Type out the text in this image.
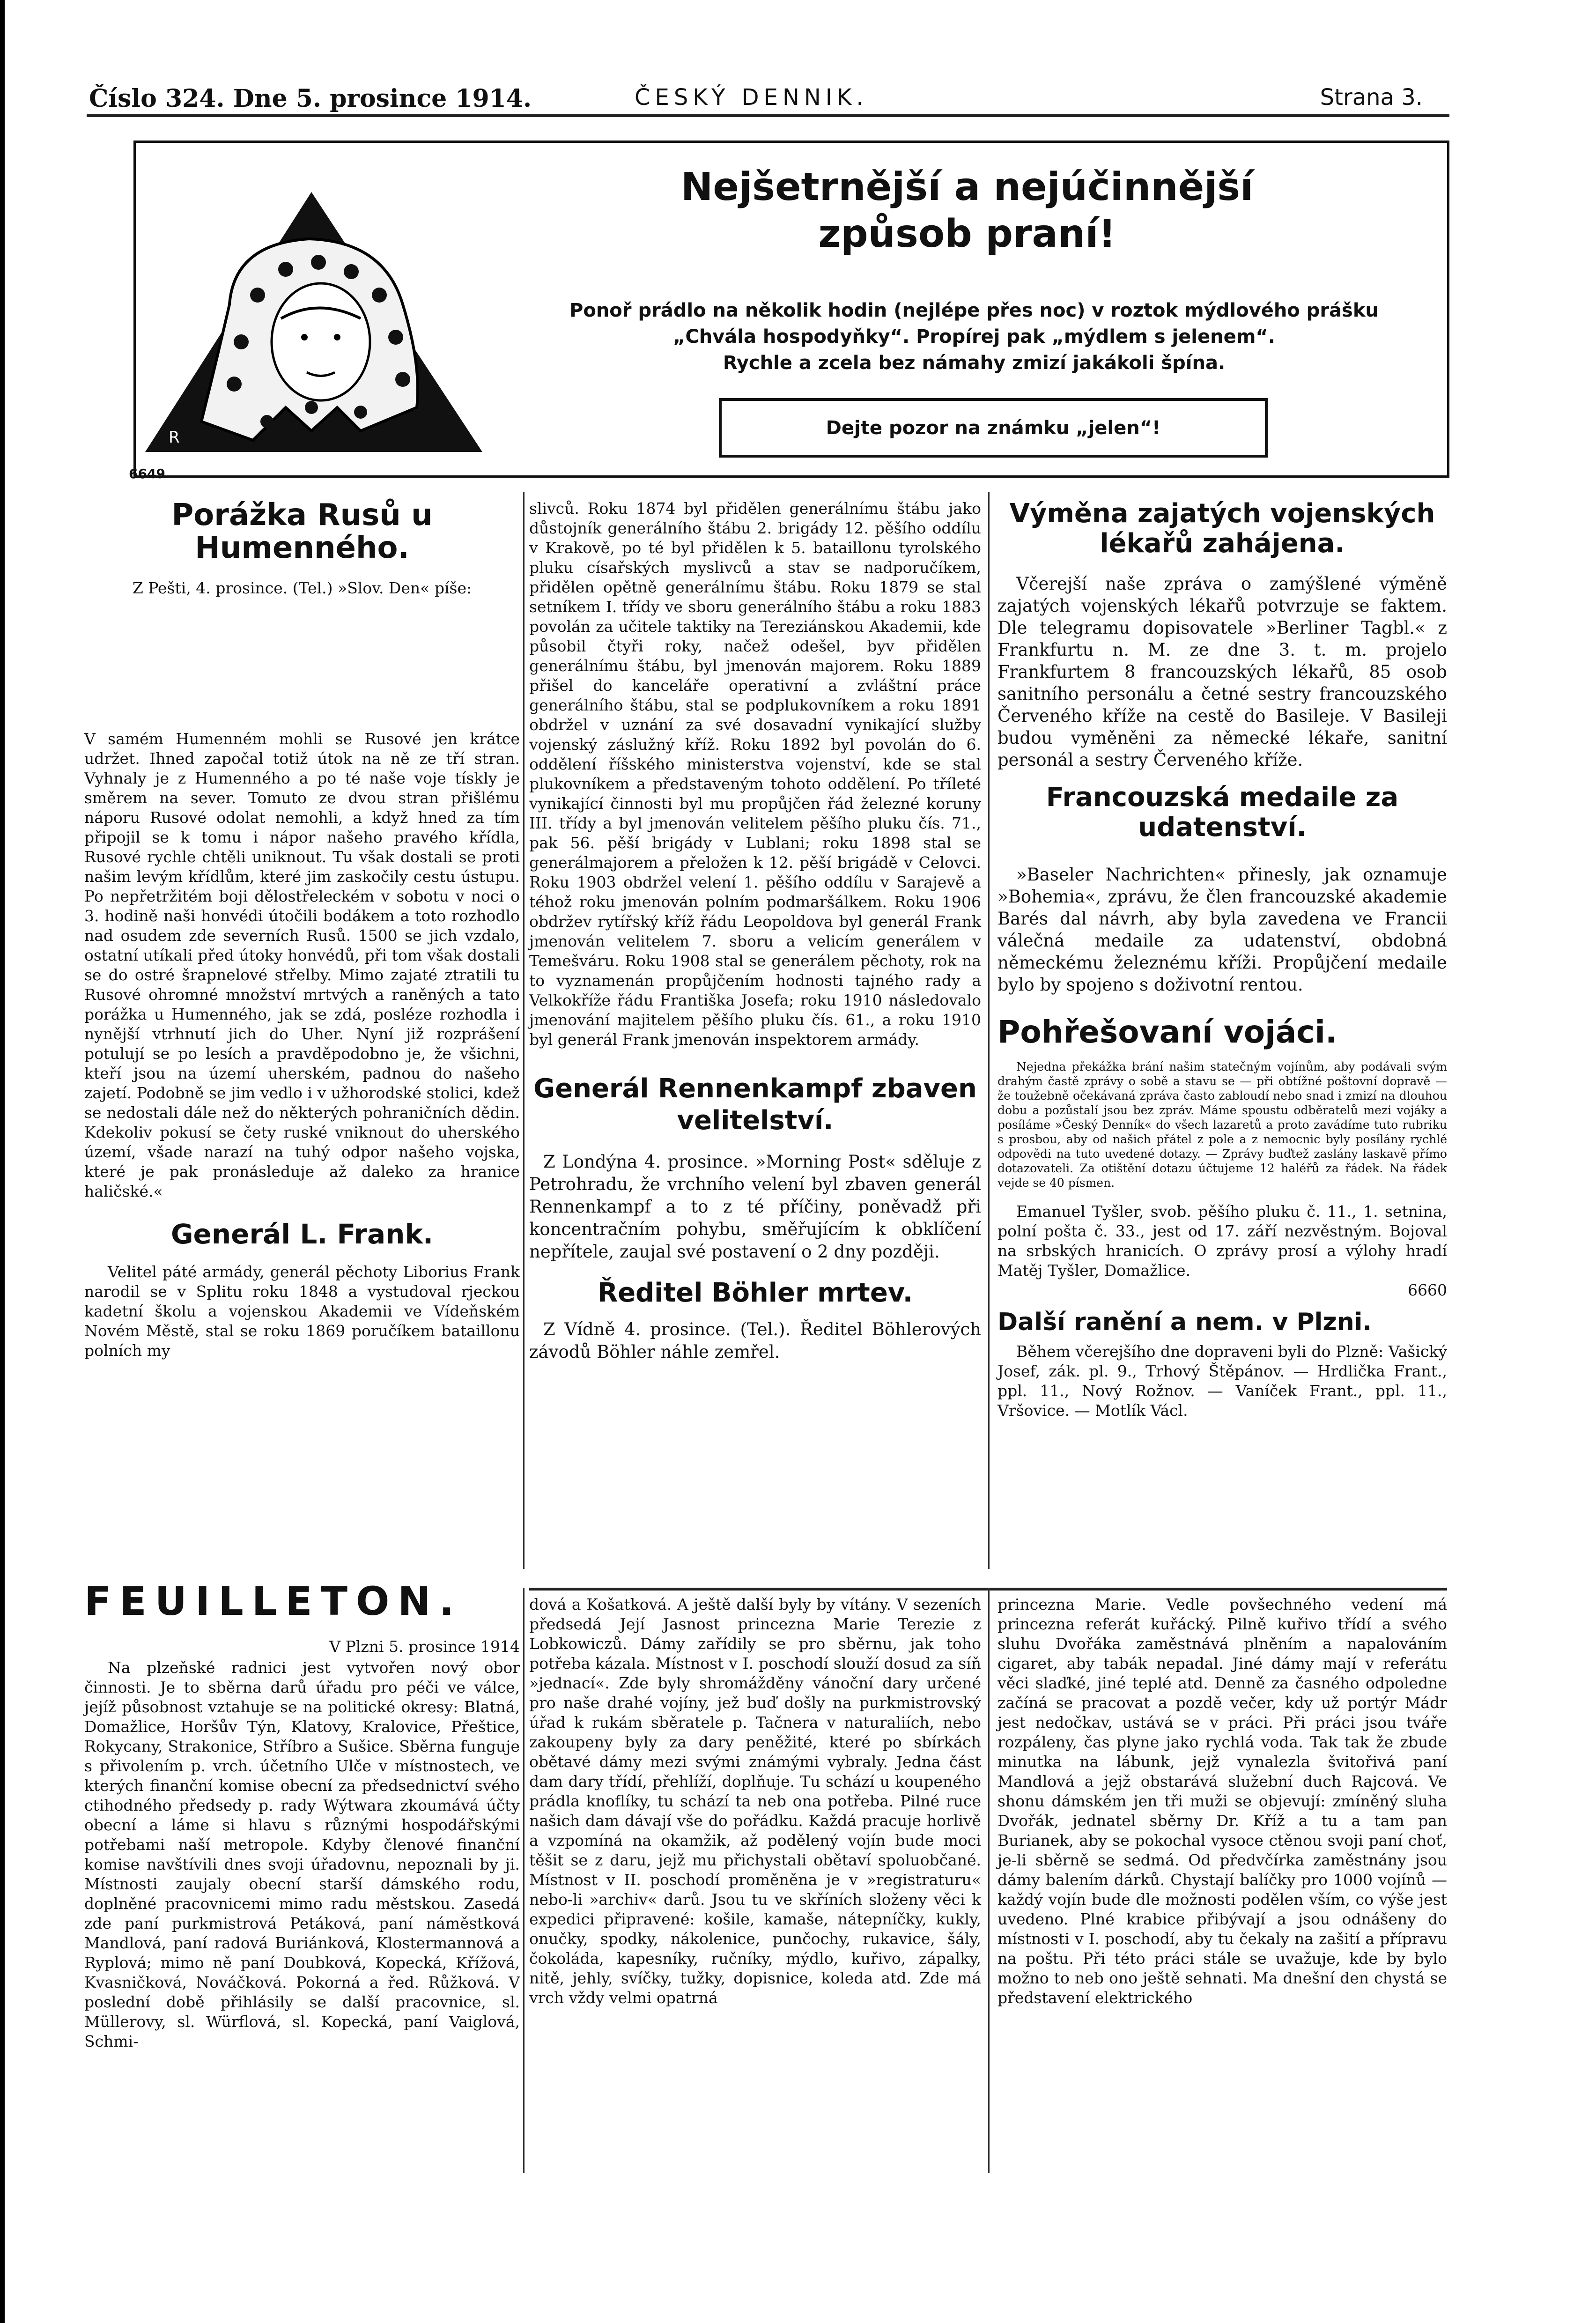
Číslo 324. Dne 5. prosince 1914.	ČESKÝ DENNIK.	Strana 3.
R
Nejšetrnější a nejúčinnější způsob praní!
Ponoř prádlo na několik hodin (nejlépe přes noc) v roztok mýdlového prášku „Chvála hospodyňky“. Propírej pak „mýdlem s jelenem“.
Rychle a zcela bez námahy zmizí jakákoli špína.
Dejte pozor na známku „jelen“!
6649
Porážka Rusů u Humenného.

Z Pešti, 4. prosince. (Tel.) »Slov. Den« píše:

V samém Humenném mohli se Rusové jen krátce udržet. Ihned započal totiž útok na ně ze tří stran. Vyhnaly je z Humenného a po té naše voje tískly je směrem na sever. Tomuto ze dvou stran přišlému náporu Rusové odolat nemohli, a když hned za tím připojil se k tomu i nápor našeho pravého křídla, Rusové rychle chtěli uniknout. Tu však dostali se proti našim levým křídlům, které jim zaskočily cestu ústupu. Po nepřetržitém boji dělostřeleckém v sobotu v noci o 3. hodině naši honvédi útočili bodákem a toto rozhodlo nad osudem zde severních Rusů. 1500 se jich vzdalo, ostatní utíkali před útoky honvédů, při tom však dostali se do ostré šrapnelové střelby. Mimo zajaté ztratili tu Rusové ohromné množství mrtvých a raněných a tato porážka u Humenného, jak se zdá, posléze rozhodla i nynější vtrhnutí jich do Uher. Nyní již rozprášení potulují se po lesích a pravděpodobno je, že všichni, kteří jsou na území uherském, padnou do našeho zajetí. Podobně se jim vedlo i v užhorodské stolici, kdež se nedostali dále než do některých pohraničních dědin. Kdekoliv pokusí se čety ruské vniknout do uherského území, všade narazí na tuhý odpor našeho vojska, které je pak pronásleduje až daleko za hranice haličské.«

Generál L. Frank.

Velitel páté armády, generál pěchoty Liborius Frank narodil se v Splitu roku 1848 a vystudoval rjeckou kadetní školu a vojenskou Akademii ve Vídeňském Novém Městě, stal se roku 1869 poručíkem bataillonu polních my

slivců. Roku 1874 byl přidělen generálnímu štábu jako důstojník generálního štábu 2. brigády 12. pěšího oddílu v Krakově, po té byl přidělen k 5. bataillonu tyrolského pluku císařských myslivců a stav se nadporučíkem, přidělen opětně generálnímu štábu. Roku 1879 se stal setníkem I. třídy ve sboru generálního štábu a roku 1883 povolán za učitele taktiky na Tereziánskou Akademii, kde působil čtyři roky, načež odešel, byv přidělen generálnímu štábu, byl jmenován majorem. Roku 1889 přišel do kanceláře operativní a zvláštní práce generálního štábu, stal se podplukovníkem a roku 1891 obdržel v uznání za své dosavadní vynikající služby vojenský záslužný kříž. Roku 1892 byl povolán do 6. oddělení říšského ministerstva vojenství, kde se stal plukovníkem a představeným tohoto oddělení. Po tříleté vynikající činnosti byl mu propůjčen řád železné koruny III. třídy a byl jmenován velitelem pěšího pluku čís. 71., pak 56. pěší brigády v Lublani; roku 1898 stal se generálmajorem a přeložen k 12. pěší brigádě v Celovci. Roku 1903 obdržel velení 1. pěšího oddílu v Sarajevě a téhož roku jmenován polním podmaršálkem. Roku 1906 obdržev rytířský kříž řádu Leopoldova byl generál Frank jmenován velitelem 7. sboru a velicím generálem v Temešváru. Roku 1908 stal se generálem pěchoty, rok na to vyznamenán propůjčením hodnosti tajného rady a Velkokříže řádu Františka Josefa; roku 1910 následovalo jmenování majitelem pěšího pluku čís. 61., a roku 1910 byl generál Frank jmenován inspektorem armády.

Generál Rennenkampf zbaven velitelství.

Z Londýna 4. prosince. »Morning Post« sděluje z Petrohradu, že vrchního velení byl zbaven generál Rennenkampf a to z té příčiny, poněvadž při koncentračním pohybu, směřujícím k obklíčení nepřítele, zaujal své postavení o 2 dny později.

Ředitel Böhler mrtev.

Z Vídně 4. prosince. (Tel.). Ředitel Böhlerových závodů Böhler náhle zemřel.

Výměna zajatých vojenských lékařů zahájena.

Včerejší naše zpráva o zamýšlené výměně zajatých vojenských lékařů potvrzuje se faktem. Dle telegramu dopisovatele »Berliner Tagbl.« z Frankfurtu n. M. ze dne 3. t. m. projelo Frankfurtem 8 francouzských lékařů, 85 osob sanitního personálu a četné sestry francouzského Červeného kříže na cestě do Basileje. V Basileji budou vyměněni za německé lékaře, sanitní personál a sestry Červeného kříže.

Francouzská medaile za udatenství.

»Baseler Nachrichten« přinesly, jak oznamuje »Bohemia«, zprávu, že člen francouzské akademie Barés dal návrh, aby byla zavedena ve Francii válečná medaile za udatenství, obdobná německému železnému kříži. Propůjčení medaile bylo by spojeno s doživotní rentou.

Pohřešovaní vojáci.

Nejedna překážka brání našim statečným vojínům, aby podávali svým drahým častě zprávy o sobě a stavu se — při obtížné poštovní dopravě — že toužebně očekávaná zpráva často zabloudí nebo snad i zmizí na dlouhou dobu a pozůstalí jsou bez zpráv. Máme spoustu odběratelů mezi vojáky a posíláme »Český Denník« do všech lazaretů a proto zavádíme tuto rubriku s prosbou, aby od našich přátel z pole a z nemocnic byly posílány rychlé odpovědi na tuto uvedené dotazy. — Zprávy buďtež zaslány laskavě přímo dotazovateli. Za otištění dotazu účtujeme 12 haléřů za řádek. Na řádek vejde se 40 písmen.

Emanuel Tyšler, svob. pěšího pluku č. 11., 1. setnina, polní pošta č. 33., jest od 17. září nezvěstným. Bojoval na srbských hranicích. O zprávy prosí a výlohy hradí Matěj Tyšler, Domažlice.

6660

Další ranění a nem. v Plzni.

Během včerejšího dne dopraveni byli do Plzně: Vašický Josef, zák. pl. 9., Trhový Štěpánov. — Hrdlička Frant., ppl. 11., Nový Rožnov. — Vaníček Frant., ppl. 11., Vršovice. — Motlík Václ.

FEUILLETON.
V Plzni 5. prosince 1914
Na plzeňské radnici jest vytvořen nový obor činnosti. Je to sběrna darů úřadu pro péči ve válce, jejíž působnost vztahuje se na politické okresy: Blatná, Domažlice, Horšův Týn, Klatovy, Kralovice, Přeštice, Rokycany, Strakonice, Stříbro a Sušice. Sběrna funguje s přivolením p. vrch. účetního Ulče v místnostech, ve kterých finanční komise obecní za předsednictví svého ctihodného předsedy p. rady Wýtwara zkoumává účty obecní a láme si hlavu s různými hospodářskými potřebami naší metropole. Kdyby členové finanční komise navštívili dnes svoji úřadovnu, nepoznali by ji. Místnosti zaujaly obecní starší dámského rodu, doplněné pracovnicemi mimo radu městskou. Zasedá zde paní purkmistrová Petáková, paní náměstková Mandlová, paní radová Buriánková, Klostermannová a Ryplová; mimo ně paní Doubková, Kopecká, Křížová, Kvasničková, Nováčková. Pokorná a řed. Růžková. V poslední době přihlásily se další pracovnice, sl. Müllerovy, sl. Würflová, sl. Kopecká, paní Vaiglová, Schmi-
dová a Košatková. A ještě další byly by vítány. V sezeních předsedá Její Jasnost princezna Marie Terezie z Lobkowiczů. Dámy zařídily se pro sběrnu, jak toho potřeba kázala. Místnost v I. poschodí slouží dosud za síň »jednací«. Zde byly shromážděny vánoční dary určené pro naše drahé vojíny, jež buď došly na purkmistrovský úřad k rukám sběratele p. Tačnera v naturaliích, nebo zakoupeny byly za dary peněžité, které po sbírkách obětavé dámy mezi svými známými vybraly. Jedna část dam dary třídí, přehlíží, doplňuje. Tu schází u koupeného prádla knoflíky, tu schází ta neb ona potřeba. Pilné ruce našich dam dávají vše do pořádku. Každá pracuje horlivě a vzpomíná na okamžik, až podělený vojín bude moci těšit se z daru, jejž mu přichystali obětaví spoluobčané. Místnost v II. poschodí proměněna je v »registraturu« nebo-li »archiv« darů. Jsou tu ve skříních složeny věci k expedici připravené: košile, kamaše, nátepníčky, kukly, onučky, spodky, nákolenice, punčochy, rukavice, šály, čokoláda, kapesníky, ručníky, mýdlo, kuřivo, zápalky, nitě, jehly, svíčky, tužky, dopisnice, koleda atd. Zde má vrch vždy velmi opatrná
princezna Marie. Vedle povšechného vedení má princezna referát kuřácký. Pilně kuřivo třídí a svého sluhu Dvořáka zaměstnává plněním a napalováním cigaret, aby tabák nepadal. Jiné dámy mají v referátu věci slaďké, jiné teplé atd. Denně za časného odpoledne začíná se pracovat a pozdě večer, kdy už portýr Mádr jest nedočkav, ustává se v práci. Při práci jsou tváře rozpáleny, čas plyne jako rychlá voda. Tak tak že zbude minutka na lábunk, jejž vynalezla švitořivá paní Mandlová a jejž obstarává služební duch Rajcová. Ve shonu dámském jen tři muži se objevují: zmíněný sluha Dvořák, jednatel sběrny Dr. Kříž a tu a tam pan Burianek, aby se pokochal vysoce ctěnou svoji paní choť, je-li sběrně se sedmá. Od předvčírka zaměstnány jsou dámy balením dárků. Chystají balíčky pro 1000 vojínů — každý vojín bude dle možnosti podělen vším, co výše jest uvedeno. Plné krabice přibývají a jsou odnášeny do místnosti v I. poschodí, aby tu čekaly na zašití a přípravu na poštu. Při této práci stále se uvažuje, kde by bylo možno to neb ono ještě sehnati. Ma dnešní den chystá se představení elektrického
